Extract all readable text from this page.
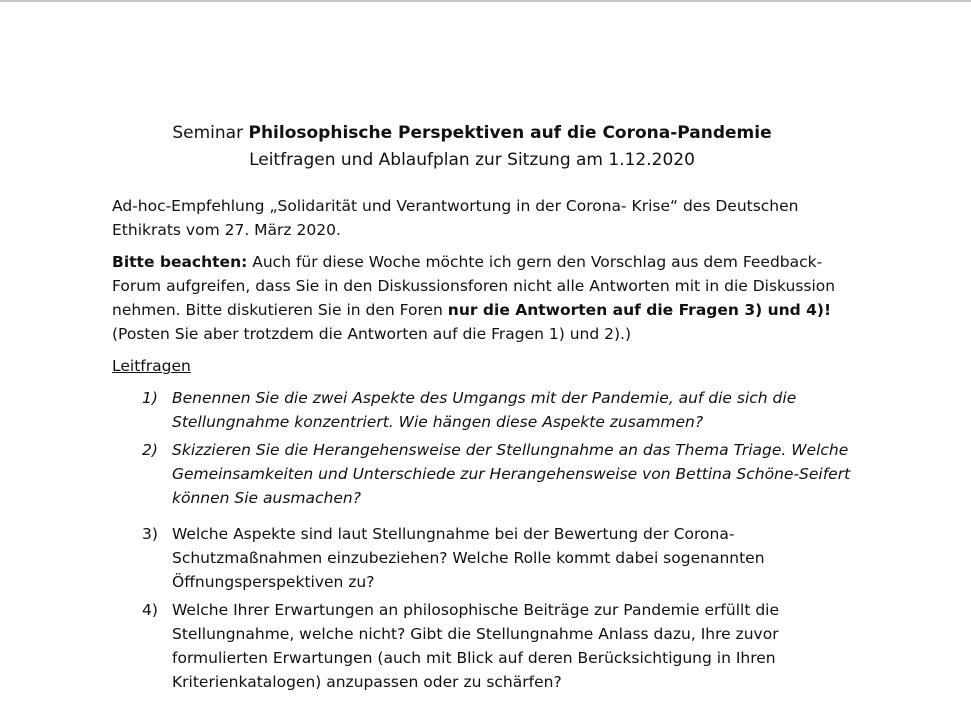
Seminar Philosophische Perspektiven auf die Corona-Pandemie
Leitfragen und Ablaufplan zur Sitzung am 1.12.2020

Ad-hoc-Empfehlung „Solidarität und Verantwortung in der Corona- Krise“ des Deutschen Ethikrats vom 27. März 2020.

Bitte beachten: Auch für diese Woche möchte ich gern den Vorschlag aus dem Feedback-Forum aufgreifen, dass Sie in den Diskussionsforen nicht alle Antworten mit in die Diskussion nehmen. Bitte diskutieren Sie in den Foren nur die Antworten auf die Fragen 3) und 4)! (Posten Sie aber trotzdem die Antworten auf die Fragen 1) und 2).)

Leitfragen
1) Benennen Sie die zwei Aspekte des Umgangs mit der Pandemie, auf die sich die Stellungnahme konzentriert. Wie hängen diese Aspekte zusammen?
2) Skizzieren Sie die Herangehensweise der Stellungnahme an das Thema Triage. Welche Gemeinsamkeiten und Unterschiede zur Herangehensweise von Bettina Schöne-Seifert können Sie ausmachen?
3) Welche Aspekte sind laut Stellungnahme bei der Bewertung der Corona-Schutzmaßnahmen einzubeziehen? Welche Rolle kommt dabei sogenannten Öffnungsperspektiven zu?
4) Welche Ihrer Erwartungen an philosophische Beiträge zur Pandemie erfüllt die Stellungnahme, welche nicht? Gibt die Stellungnahme Anlass dazu, Ihre zuvor formulierten Erwartungen (auch mit Blick auf deren Berücksichtigung in Ihren Kriterienkatalogen) anzupassen oder zu schärfen?
